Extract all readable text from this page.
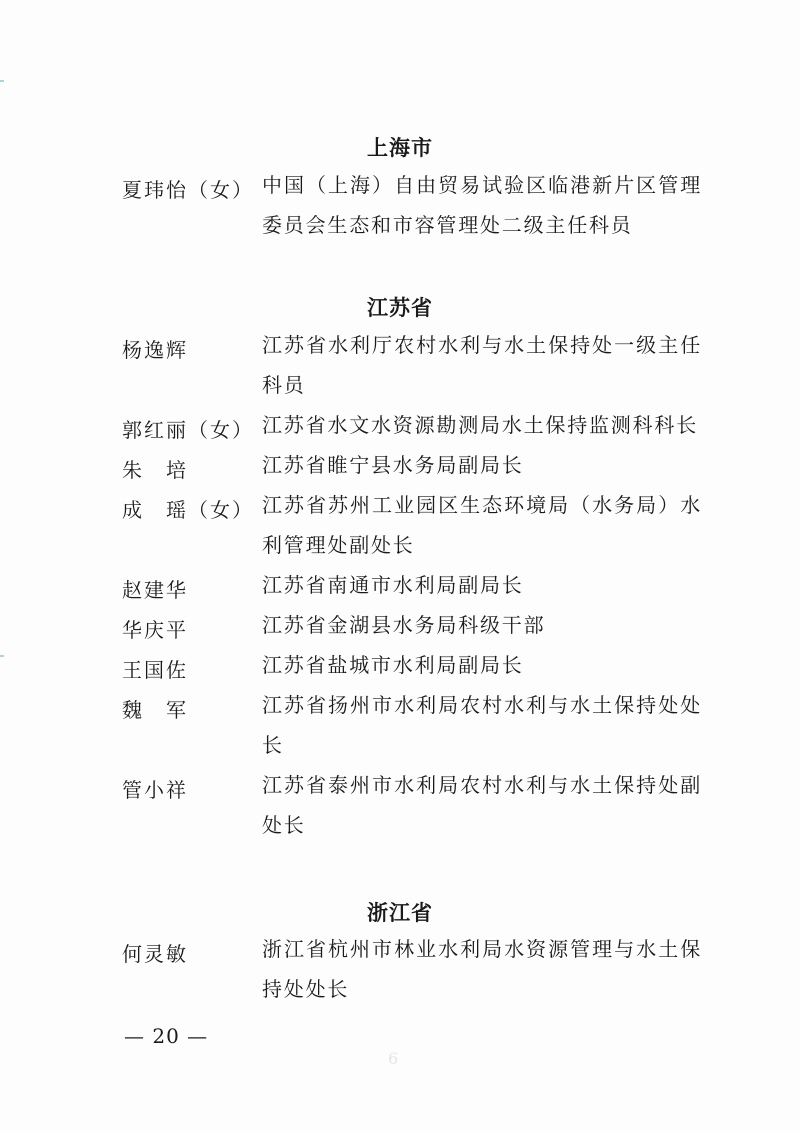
上海市
夏玮怡（女） 中国（上海）自由贸易试验区临港新片区管理委员会生态和市容管理处二级主任科员
江苏省
杨逸辉	江苏省水利厅农村水利与水土保持处一级主任科员
郭红丽（女） 江苏省水文水资源勘测局水土保持监测科科长
朱　培	江苏省睢宁县水务局副局长
成　瑶（女） 江苏省苏州工业园区生态环境局（水务局）水利管理处副处长
赵建华	江苏省南通市水利局副局长
华庆平	江苏省金湖县水务局科级干部
王国佐	江苏省盐城市水利局副局长
魏　军	江苏省扬州市水利局农村水利与水土保持处处长
管小祥	江苏省泰州市水利局农村水利与水土保持处副处长
浙江省
何灵敏	浙江省杭州市林业水利局水资源管理与水土保持处处长
— 20 —
6
